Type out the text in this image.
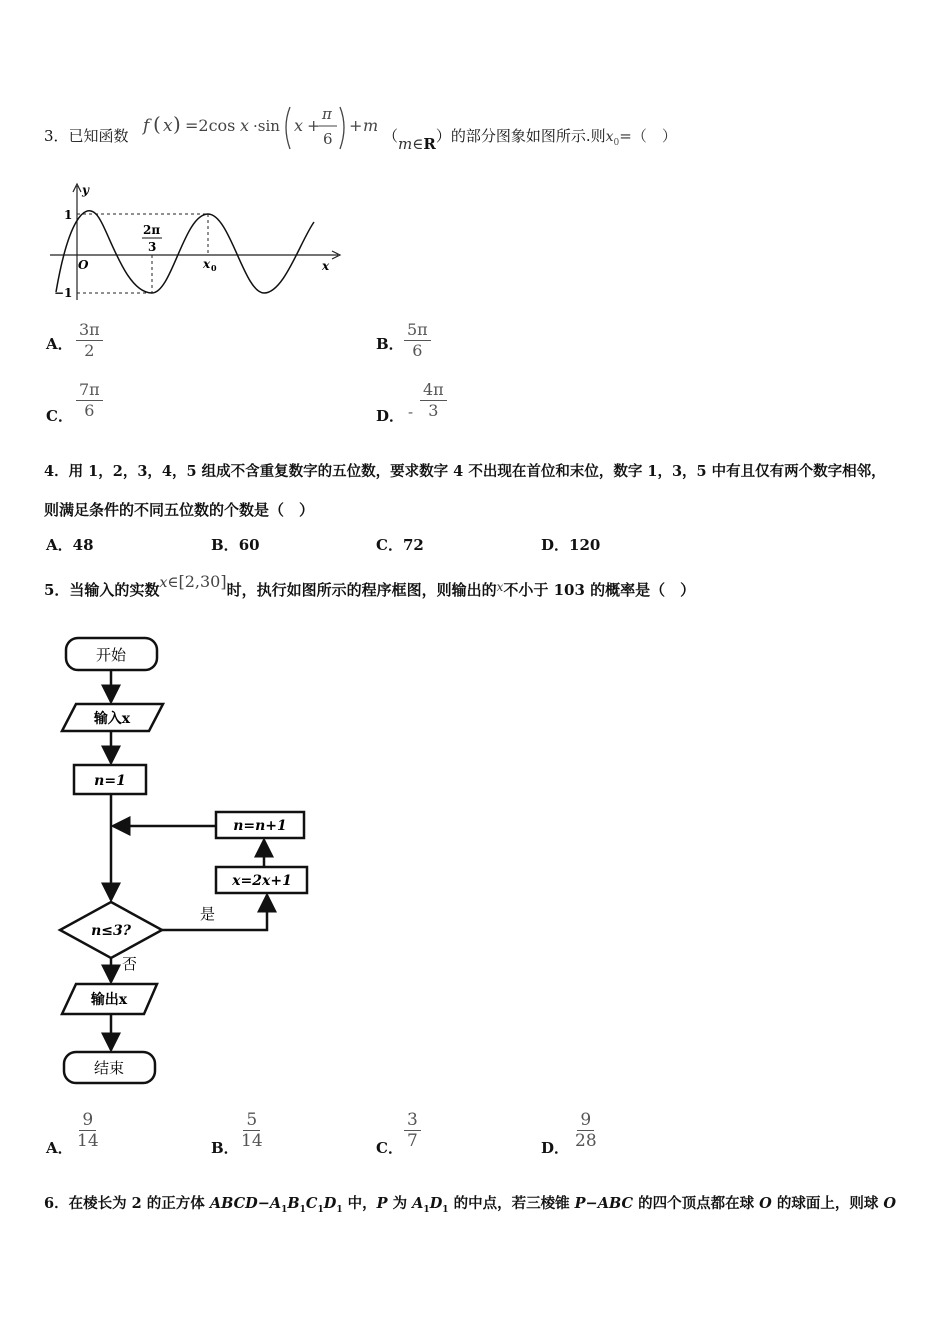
3．已知函数 f ( x ) =2cos x ·sin x +
π
6
+ m
（m∈R）的部分图象如图所示.则$x_0=$（　）
y
x
1
−1
O
2π
3
x 0
A． $\frac{3\pi}{2}$	B． $\frac{5\pi}{6}$
C． $\frac{7\pi}{6}$	D． - $\frac{4\pi}{3}$
4．用 1，2，3，4，5 组成不含重复数字的五位数，要求数字 4 不出现在首位和末位，数字 1，3，5 中有且仅有两个数字相邻，
则满足条件的不同五位数的个数是（　）
A．48	B．60	C．72	D．120
5．当输入的实数x∈[2,30]时，执行如图所示的程序框图，则输出的$^x$不小于 103 的概率是（　）
开始
输入x
n=1
n=n+1
x=2x+1
n≤3?
是
否
输出x
结束
A． $\frac{9}{14}$	B． $\frac{5}{14}$	C． $\frac{3}{7}$	D． $\frac{9}{28}$
6．在棱长为 2 的正方体 $ABCD-A_1B_1C_1D_1$ 中，P 为 $A_1D_1$ 的中点，若三棱锥 P−ABC 的四个顶点都在球 O 的球面上，则球 O
